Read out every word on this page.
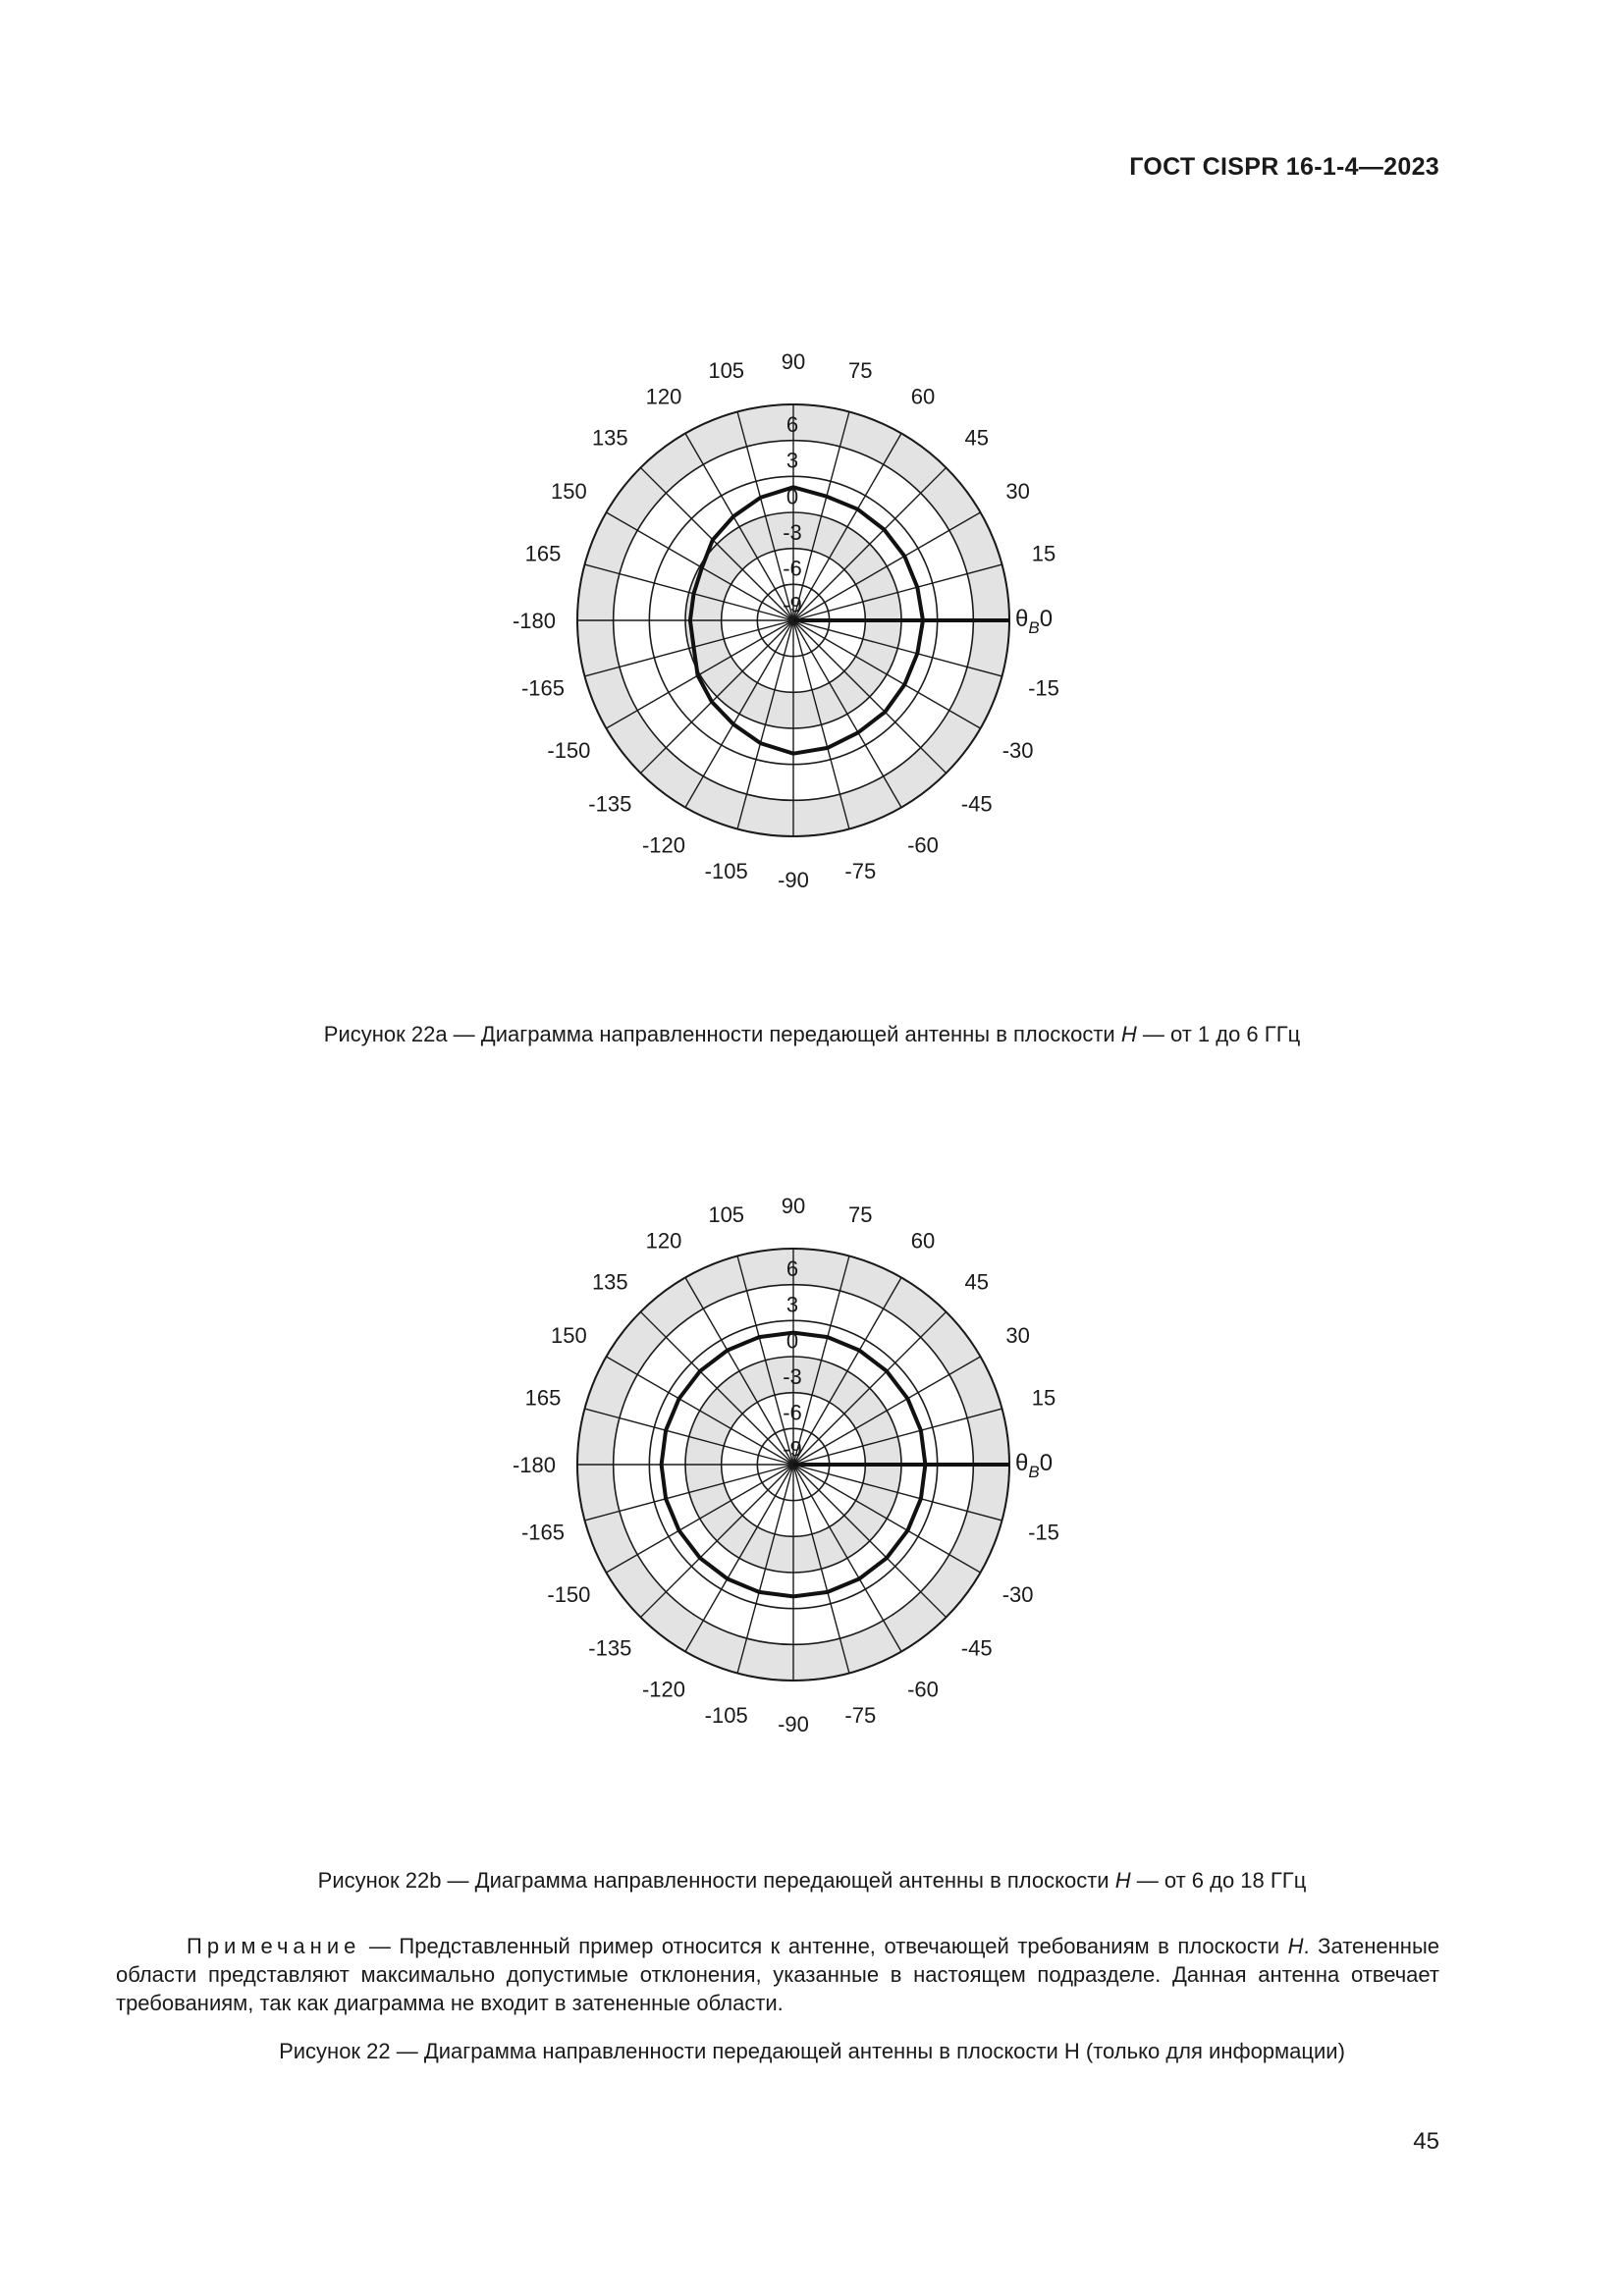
ГОСТ CISPR 16-1-4—2023
6
3
0
-3
-6
-9
90 75
60
45
30
15
-15
-30
-45
-60
-75
-90
-105
-120
-135
-150
-165
-180
165
150
135
120
105
$\theta_B0$
Рисунок 22a — Диаграмма направленности передающей антенны в плоскости H — от 1 до 6 ГГц
6
3
0
-3
-6
-9
90 75
60
45
30
15
-15
-30
-45
-60
-75
-90
-105
-120
-135
-150
-165
-180
165
150
135
120
105
$\theta_B0$
Рисунок 22b — Диаграмма направленности передающей антенны в плоскости H — от 6 до 18 ГГц
Примечание — Представленный пример относится к антенне, отвечающей требованиям в плоскости H. Затененные области представляют максимально допустимые отклонения, указанные в настоящем подразделе. Данная антенна отвечает требованиям, так как диаграмма не входит в затененные области.
Рисунок 22 — Диаграмма направленности передающей антенны в плоскости H (только для информации)
45
